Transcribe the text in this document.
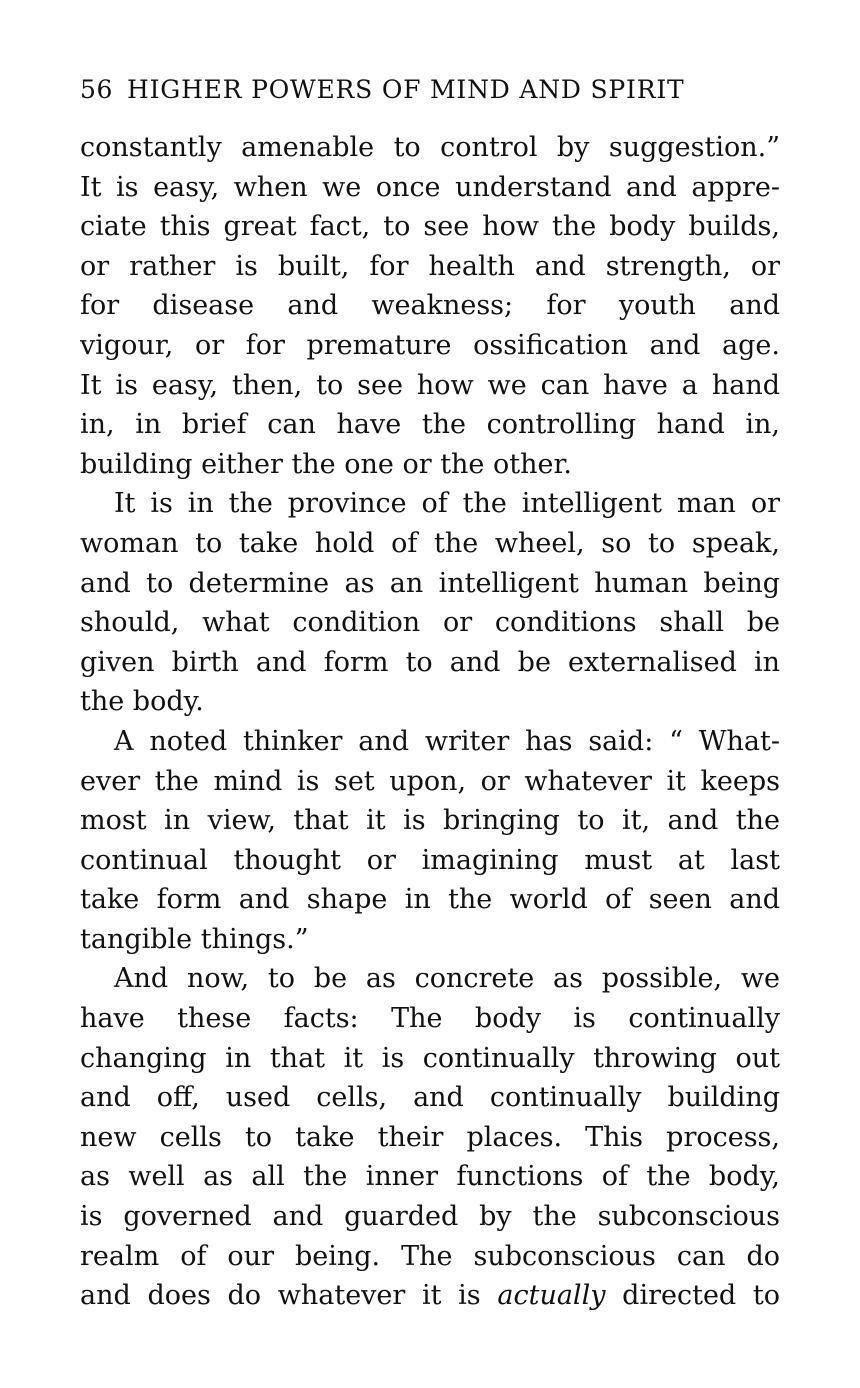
56 HIGHER POWERS OF MIND AND SPIRIT
constantly amenable to control by suggestion.”
It is easy, when we once understand and appre-
ciate this great fact, to see how the body builds,
or rather is built, for health and strength, or
for disease and weakness; for youth and
vigour, or for premature ossification and age.
It is easy, then, to see how we can have a hand
in, in brief can have the controlling hand in,
building either the one or the other.
It is in the province of the intelligent man or
woman to take hold of the wheel, so to speak,
and to determine as an intelligent human being
should, what condition or conditions shall be
given birth and form to and be externalised in
the body.
A noted thinker and writer has said: “ What-
ever the mind is set upon, or whatever it keeps
most in view, that it is bringing to it, and the
continual thought or imagining must at last
take form and shape in the world of seen and
tangible things.”
And now, to be as concrete as possible, we
have these facts: The body is continually
changing in that it is continually throwing out
and off, used cells, and continually building
new cells to take their places. This process,
as well as all the inner functions of the body,
is governed and guarded by the subconscious
realm of our being. The subconscious can do
and does do whatever it is actually directed to
